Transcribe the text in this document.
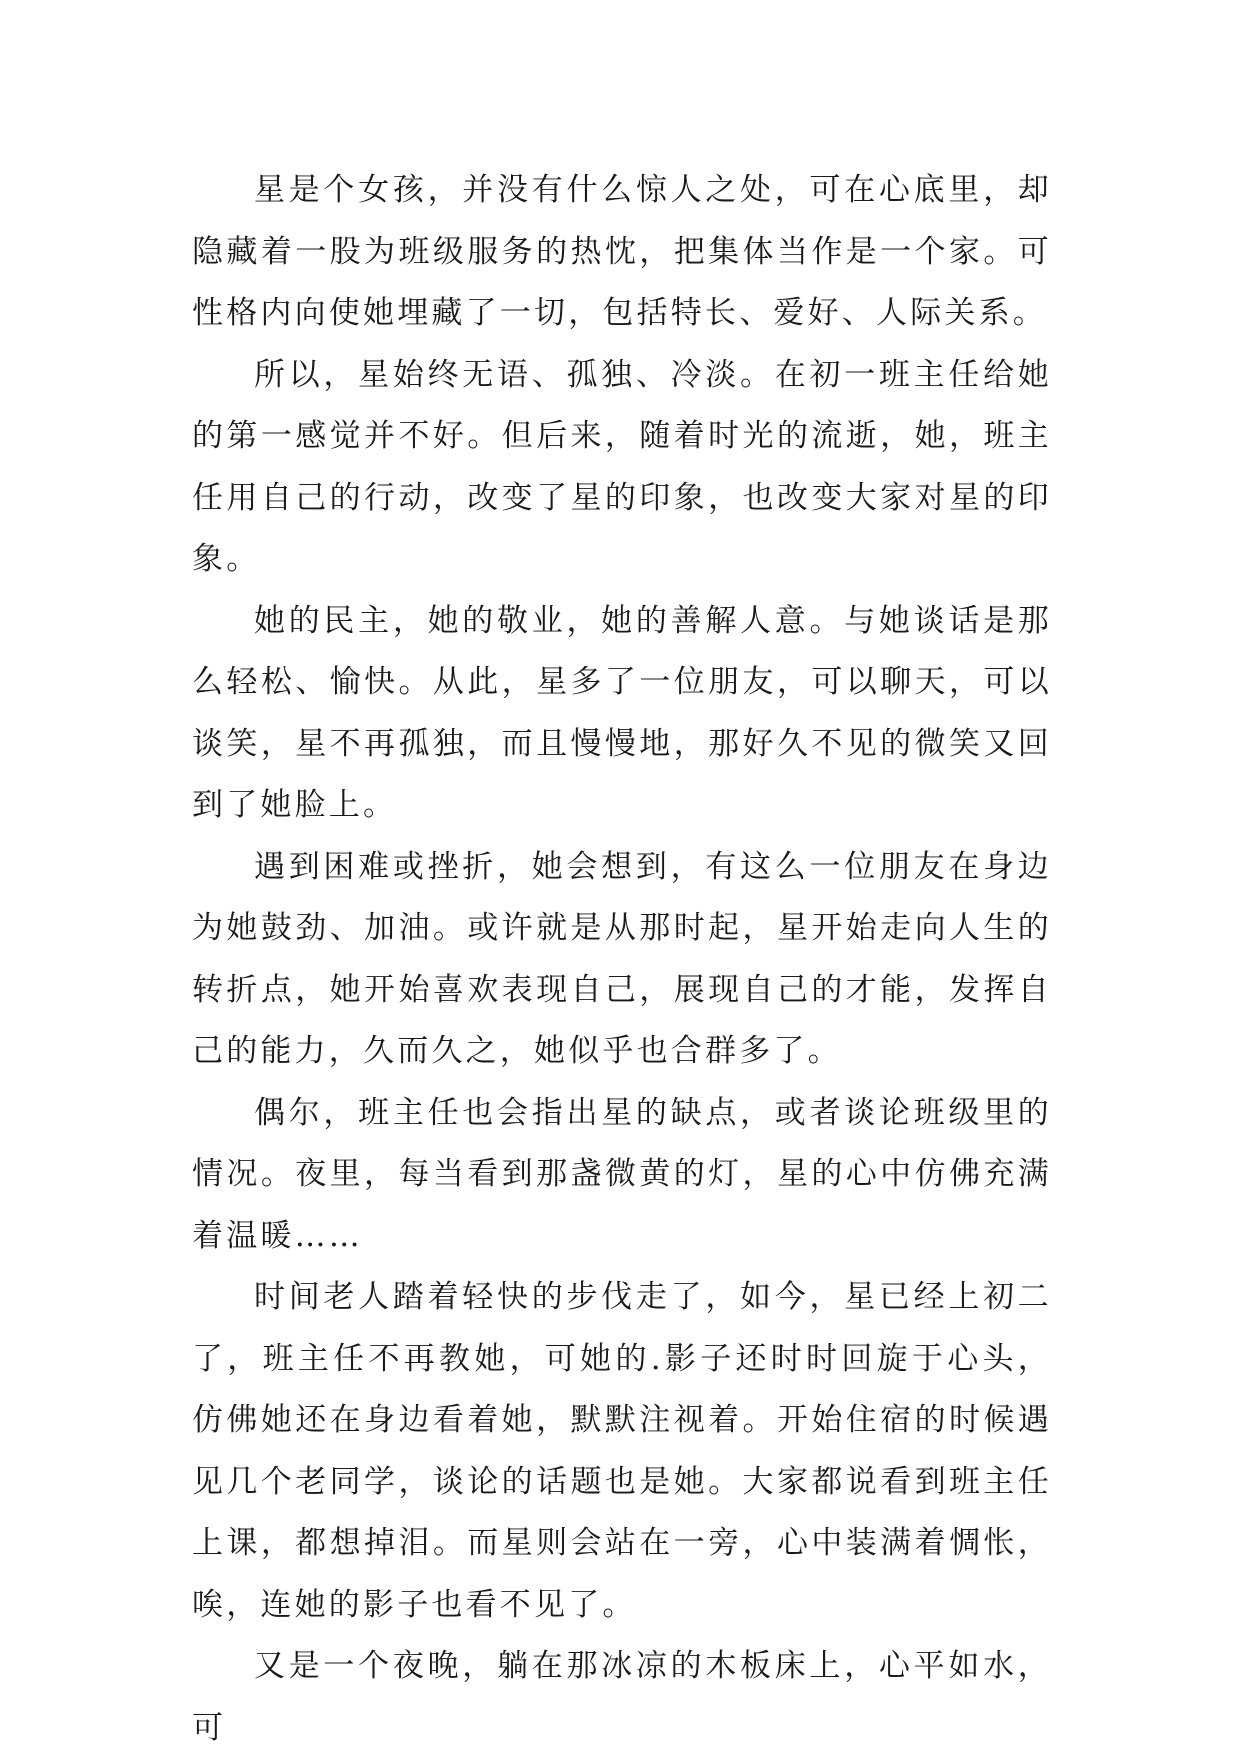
星是个女孩，并没有什么惊人之处，可在心底里，却隐藏着一股为班级服务的热忱，把集体当作是一个家。可性格内向使她埋藏了一切，包括特长、爱好、人际关系。

所以，星始终无语、孤独、冷淡。在初一班主任给她的第一感觉并不好。但后来，随着时光的流逝，她，班主任用自己的行动，改变了星的印象，也改变大家对星的印象。

她的民主，她的敬业，她的善解人意。与她谈话是那么轻松、愉快。从此，星多了一位朋友，可以聊天，可以谈笑，星不再孤独，而且慢慢地，那好久不见的微笑又回到了她脸上。

遇到困难或挫折，她会想到，有这么一位朋友在身边为她鼓劲、加油。或许就是从那时起，星开始走向人生的转折点，她开始喜欢表现自己，展现自己的才能，发挥自己的能力，久而久之，她似乎也合群多了。

偶尔，班主任也会指出星的缺点，或者谈论班级里的情况。夜里，每当看到那盏微黄的灯，星的心中仿佛充满着温暖……

时间老人踏着轻快的步伐走了，如今，星已经上初二了，班主任不再教她，可她的.影子还时时回旋于心头，仿佛她还在身边看着她，默默注视着。开始住宿的时候遇见几个老同学，谈论的话题也是她。大家都说看到班主任上课，都想掉泪。而星则会站在一旁，心中装满着惆怅，唉，连她的影子也看不见了。

又是一个夜晚，躺在那冰凉的木板床上，心平如水，可
